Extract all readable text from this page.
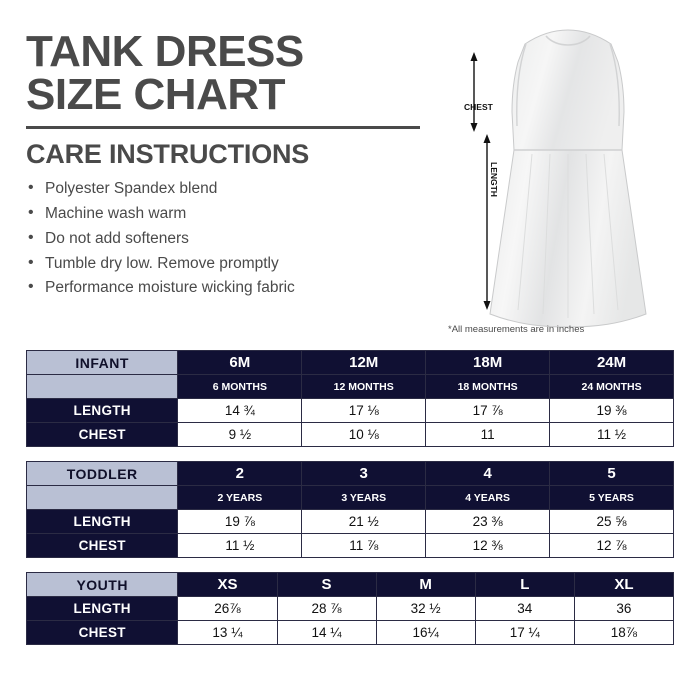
TANK DRESS
SIZE CHART
CARE INSTRUCTIONS
• Polyester Spandex blend
• Machine wash warm
• Do not add softeners
• Tumble dry low. Remove promptly
• Performance moisture wicking fabric
CHEST
LENGTH
*All measurements are in inches
INFANT	6M	12M	18M	24M
	6 MONTHS	12 MONTHS	18 MONTHS	24 MONTHS
LENGTH	14 ¾	17 ⅛	17 ⅞	19 ⅜
CHEST	9 ½	10 ⅛	11	11 ½
TODDLER	2	3	4	5
	2 YEARS	3 YEARS	4 YEARS	5 YEARS
LENGTH	19 ⅞	21 ½	23 ⅜	25 ⅝
CHEST	11 ½	11 ⅞	12 ⅜	12 ⅞
YOUTH	XS	S	M	L	XL
LENGTH	26⅞	28 ⅞	32 ½	34	36
CHEST	13 ¼	14 ¼	16¼	17 ¼	18⅞
